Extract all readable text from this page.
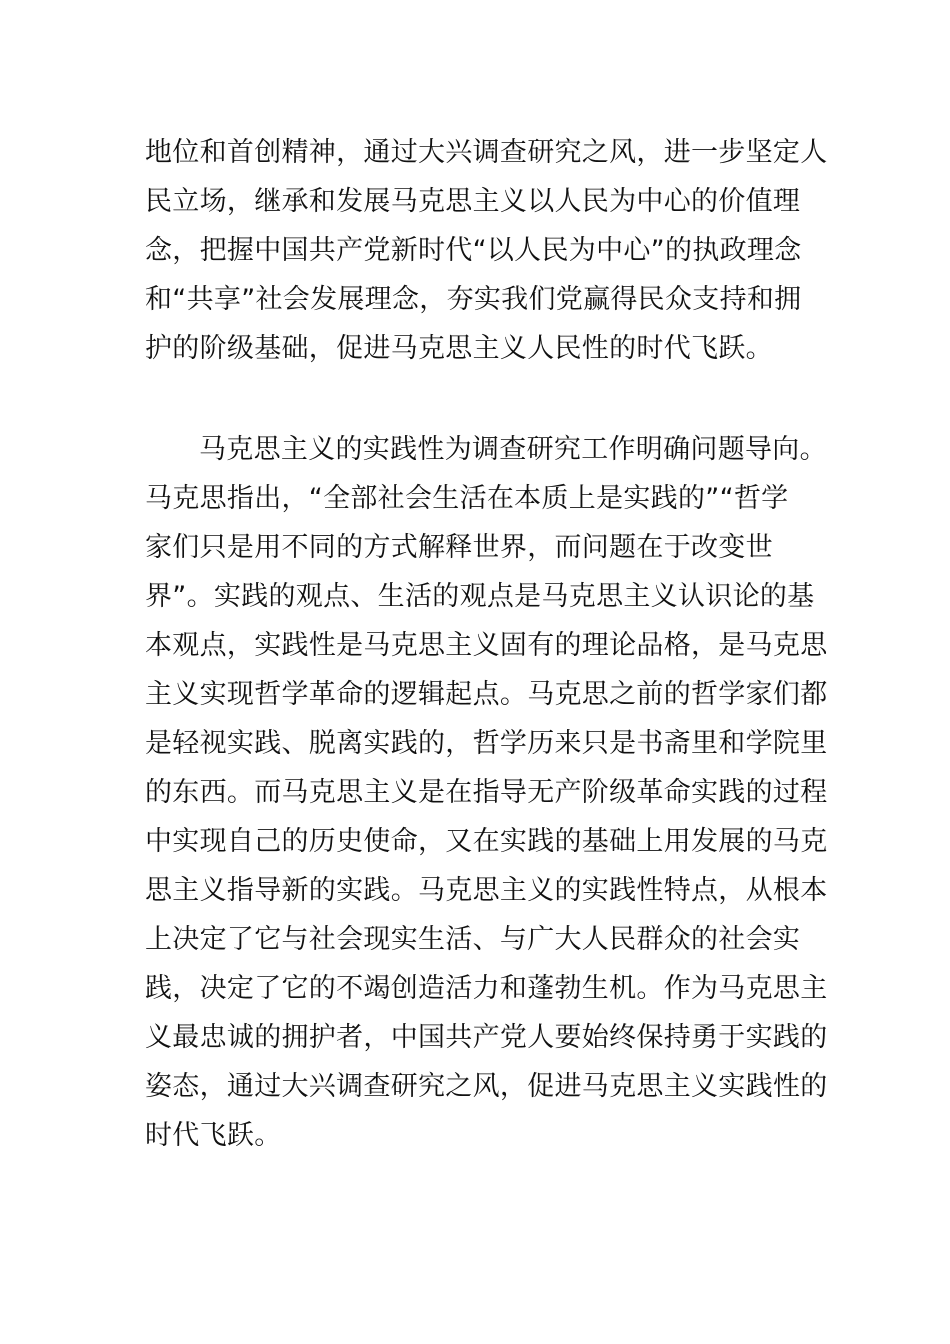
地位和首创精神，通过大兴调查研究之风，进一步坚定人
民立场，继承和发展马克思主义以人民为中心的价值理
念，把握中国共产党新时代“以人民为中心”的执政理念
和“共享”社会发展理念，夯实我们党赢得民众支持和拥
护的阶级基础，促进马克思主义人民性的时代飞跃。
马克思主义的实践性为调查研究工作明确问题导向。
马克思指出，“全部社会生活在本质上是实践的”“哲学
家们只是用不同的方式解释世界，而问题在于改变世
界”。实践的观点、生活的观点是马克思主义认识论的基
本观点，实践性是马克思主义固有的理论品格，是马克思
主义实现哲学革命的逻辑起点。马克思之前的哲学家们都
是轻视实践、脱离实践的，哲学历来只是书斋里和学院里
的东西。而马克思主义是在指导无产阶级革命实践的过程
中实现自己的历史使命，又在实践的基础上用发展的马克
思主义指导新的实践。马克思主义的实践性特点，从根本
上决定了它与社会现实生活、与广大人民群众的社会实
践，决定了它的不竭创造活力和蓬勃生机。作为马克思主
义最忠诚的拥护者，中国共产党人要始终保持勇于实践的
姿态，通过大兴调查研究之风，促进马克思主义实践性的
时代飞跃。
